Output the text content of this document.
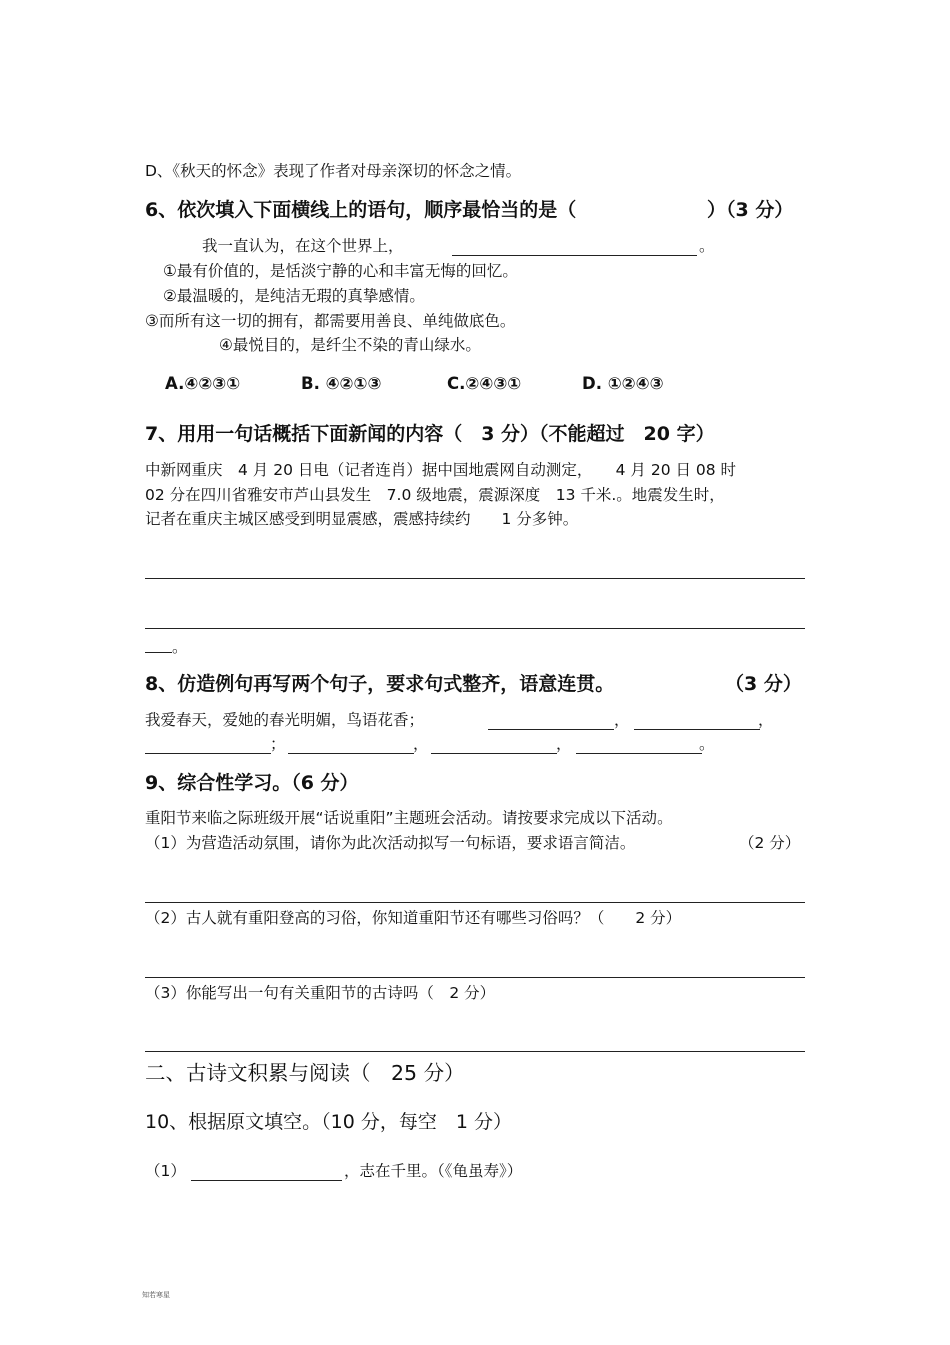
D、《秋天的怀念》表现了作者对母亲深切的怀念之情。
6、依次填入下面横线上的语句，顺序最恰当的是（	）（3 分）
我一直认为，在这个世界上，	。
①最有价值的，是恬淡宁静的心和丰富无悔的回忆。
②最温暖的，是纯洁无瑕的真挚感情。
③而所有这一切的拥有，都需要用善良、单纯做底色。
④最悦目的，是纤尘不染的青山绿水。
A.④②③①	B. ④②①③	C.②④③①	D. ①②④③
7、用用一句话概括下面新闻的内容（　3 分）（不能超过　20 字）
中新网重庆　4 月 20 日电（记者连肖）据中国地震网自动测定，　　4 月 20 日 08 时
02 分在四川省雅安市芦山县发生　7.0 级地震，震源深度　13 千米.。地震发生时，
记者在重庆主城区感受到明显震感，震感持续约　　1 分多钟。
。
8、仿造例句再写两个句子，要求句式整齐，语意连贯。	（3 分）
我爱春天，爱她的春光明媚，鸟语花香；	，	，
；	，	，	。
9、综合性学习。（6 分）
重阳节来临之际班级开展“话说重阳”主题班会活动。请按要求完成以下活动。
（1）为营造活动氛围，请你为此次活动拟写一句标语，要求语言简洁。	（2 分）
（2）古人就有重阳登高的习俗，你知道重阳节还有哪些习俗吗？（　　2 分）
（3）你能写出一句有关重阳节的古诗吗（　2 分）
二、古诗文积累与阅读（　25 分）
10、根据原文填空。（10 分，每空　1 分）
（1）	，志在千里。（《龟虽寿》）
知若寒星
